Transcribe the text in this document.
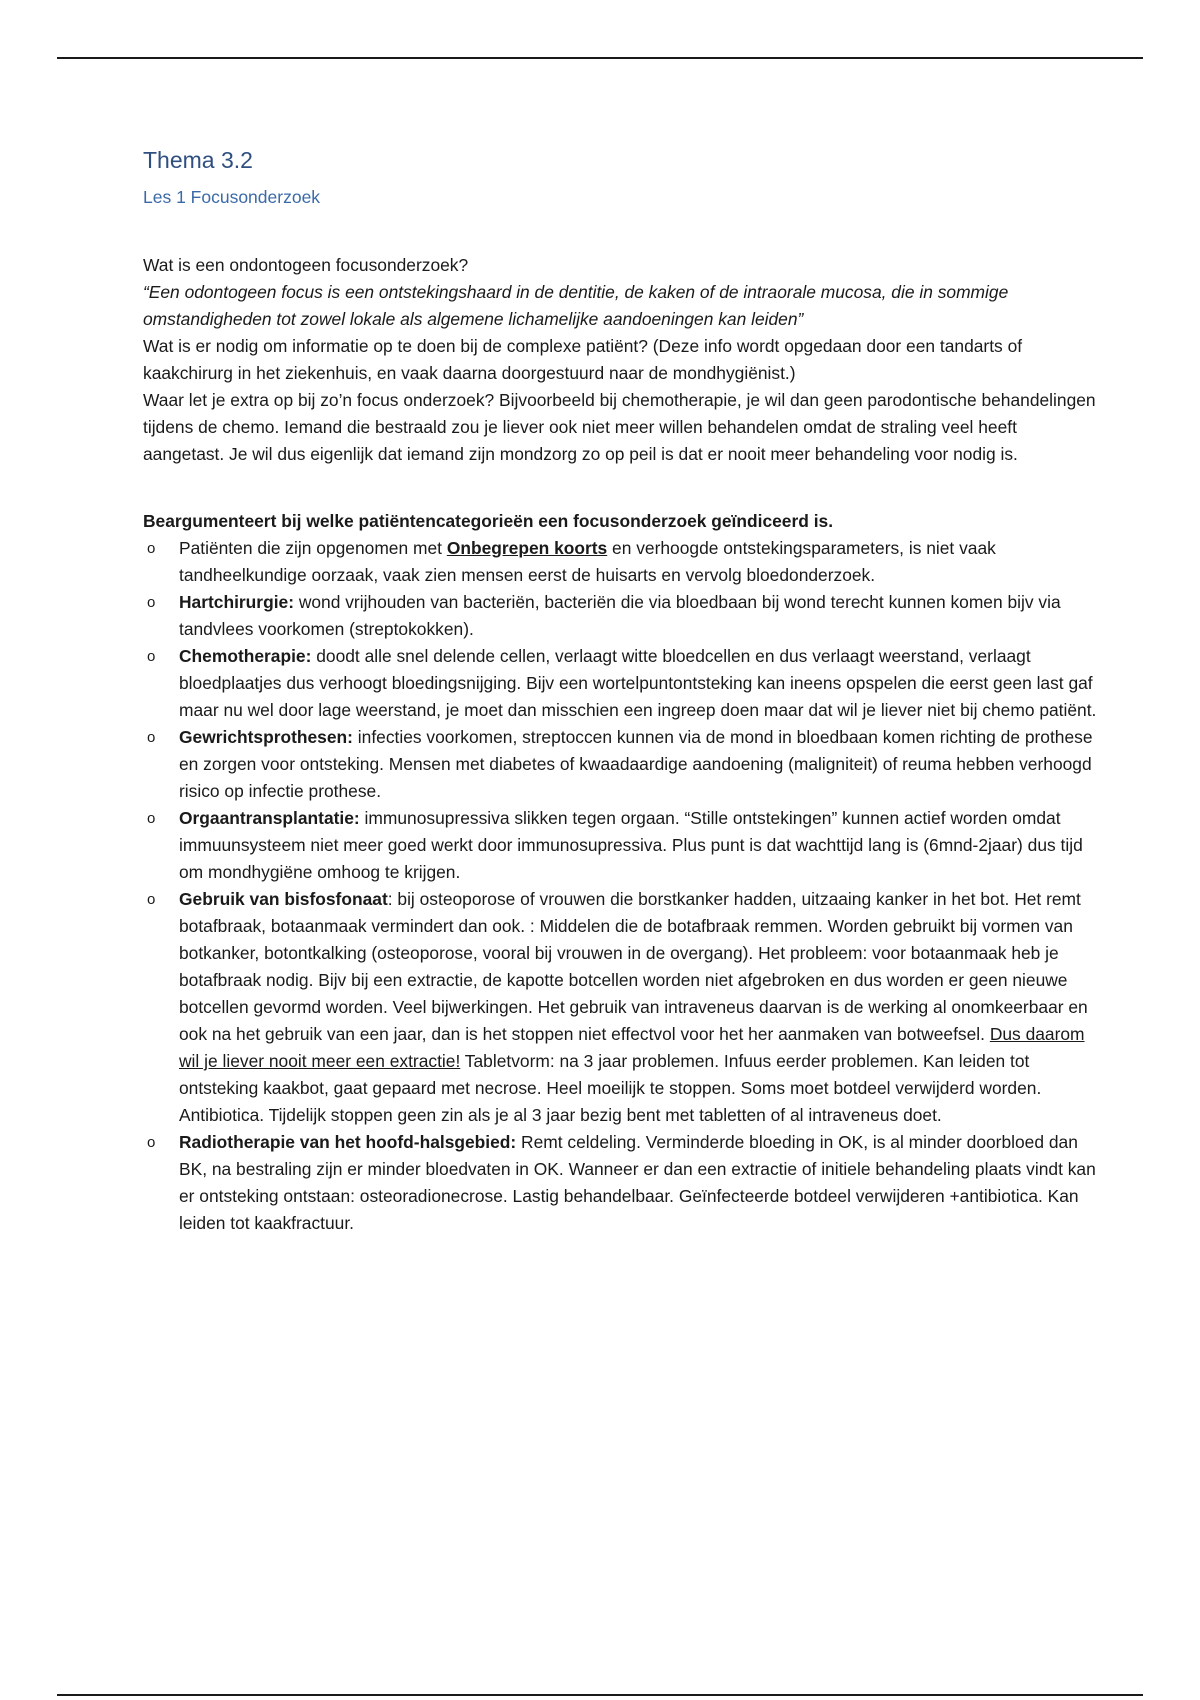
Thema 3.2
Les 1 Focusonderzoek

Wat is een ondontogeen focusonderzoek?

“Een odontogeen focus is een ontstekingshaard in de dentitie, de kaken of de intraorale mucosa, die in sommige omstandigheden tot zowel lokale als algemene lichamelijke aandoeningen kan leiden”

Wat is er nodig om informatie op te doen bij de complexe patiënt? (Deze info wordt opgedaan door een tandarts of kaakchirurg in het ziekenhuis, en vaak daarna doorgestuurd naar de mondhygiënist.)

Waar let je extra op bij zo’n focus onderzoek? Bijvoorbeeld bij chemotherapie, je wil dan geen parodontische behandelingen tijdens de chemo. Iemand die bestraald zou je liever ook niet meer willen behandelen omdat de straling veel heeft aangetast. Je wil dus eigenlijk dat iemand zijn mondzorg zo op peil is dat er nooit meer behandeling voor nodig is.

Beargumenteert bij welke patiëntencategorieën een focusonderzoek geïndiceerd is.
o Patiënten die zijn opgenomen met Onbegrepen koorts en verhoogde ontstekingsparameters, is niet vaak tandheelkundige oorzaak, vaak zien mensen eerst de huisarts en vervolg bloedonderzoek.
o Hartchirurgie: wond vrijhouden van bacteriën, bacteriën die via bloedbaan bij wond terecht kunnen komen bijv via tandvlees voorkomen (streptokokken).
o Chemotherapie: doodt alle snel delende cellen, verlaagt witte bloedcellen en dus verlaagt weerstand, verlaagt bloedplaatjes dus verhoogt bloedingsnijging. Bijv een wortelpuntontsteking kan ineens opspelen die eerst geen last gaf maar nu wel door lage weerstand, je moet dan misschien een ingreep doen maar dat wil je liever niet bij chemo patiënt.
o Gewrichtsprothesen: infecties voorkomen, streptoccen kunnen via de mond in bloedbaan komen richting de prothese en zorgen voor ontsteking. Mensen met diabetes of kwaadaardige aandoening (maligniteit) of reuma hebben verhoogd risico op infectie prothese.
o Orgaantransplantatie: immunosupressiva slikken tegen orgaan. “Stille ontstekingen” kunnen actief worden omdat immuunsysteem niet meer goed werkt door immunosupressiva. Plus punt is dat wachttijd lang is (6mnd-2jaar) dus tijd om mondhygiëne omhoog te krijgen.
o Gebruik van bisfosfonaat: bij osteoporose of vrouwen die borstkanker hadden, uitzaaing kanker in het bot. Het remt botafbraak, botaanmaak vermindert dan ook. : Middelen die de botafbraak remmen. Worden gebruikt bij vormen van botkanker, botontkalking (osteoporose, vooral bij vrouwen in de overgang). Het probleem: voor botaanmaak heb je botafbraak nodig. Bijv bij een extractie, de kapotte botcellen worden niet afgebroken en dus worden er geen nieuwe botcellen gevormd worden. Veel bijwerkingen. Het gebruik van intraveneus daarvan is de werking al onomkeerbaar en ook na het gebruik van een jaar, dan is het stoppen niet effectvol voor het her aanmaken van botweefsel. Dus daarom wil je liever nooit meer een extractie! Tabletvorm: na 3 jaar problemen. Infuus eerder problemen. Kan leiden tot ontsteking kaakbot, gaat gepaard met necrose. Heel moeilijk te stoppen. Soms moet botdeel verwijderd worden. Antibiotica. Tijdelijk stoppen geen zin als je al 3 jaar bezig bent met tabletten of al intraveneus doet.
o Radiotherapie van het hoofd-halsgebied: Remt celdeling. Verminderde bloeding in OK, is al minder doorbloed dan BK, na bestraling zijn er minder bloedvaten in OK. Wanneer er dan een extractie of initiele behandeling plaats vindt kan er ontsteking ontstaan: osteoradionecrose. Lastig behandelbaar. Geïnfecteerde botdeel verwijderen +antibiotica. Kan leiden tot kaakfractuur.
